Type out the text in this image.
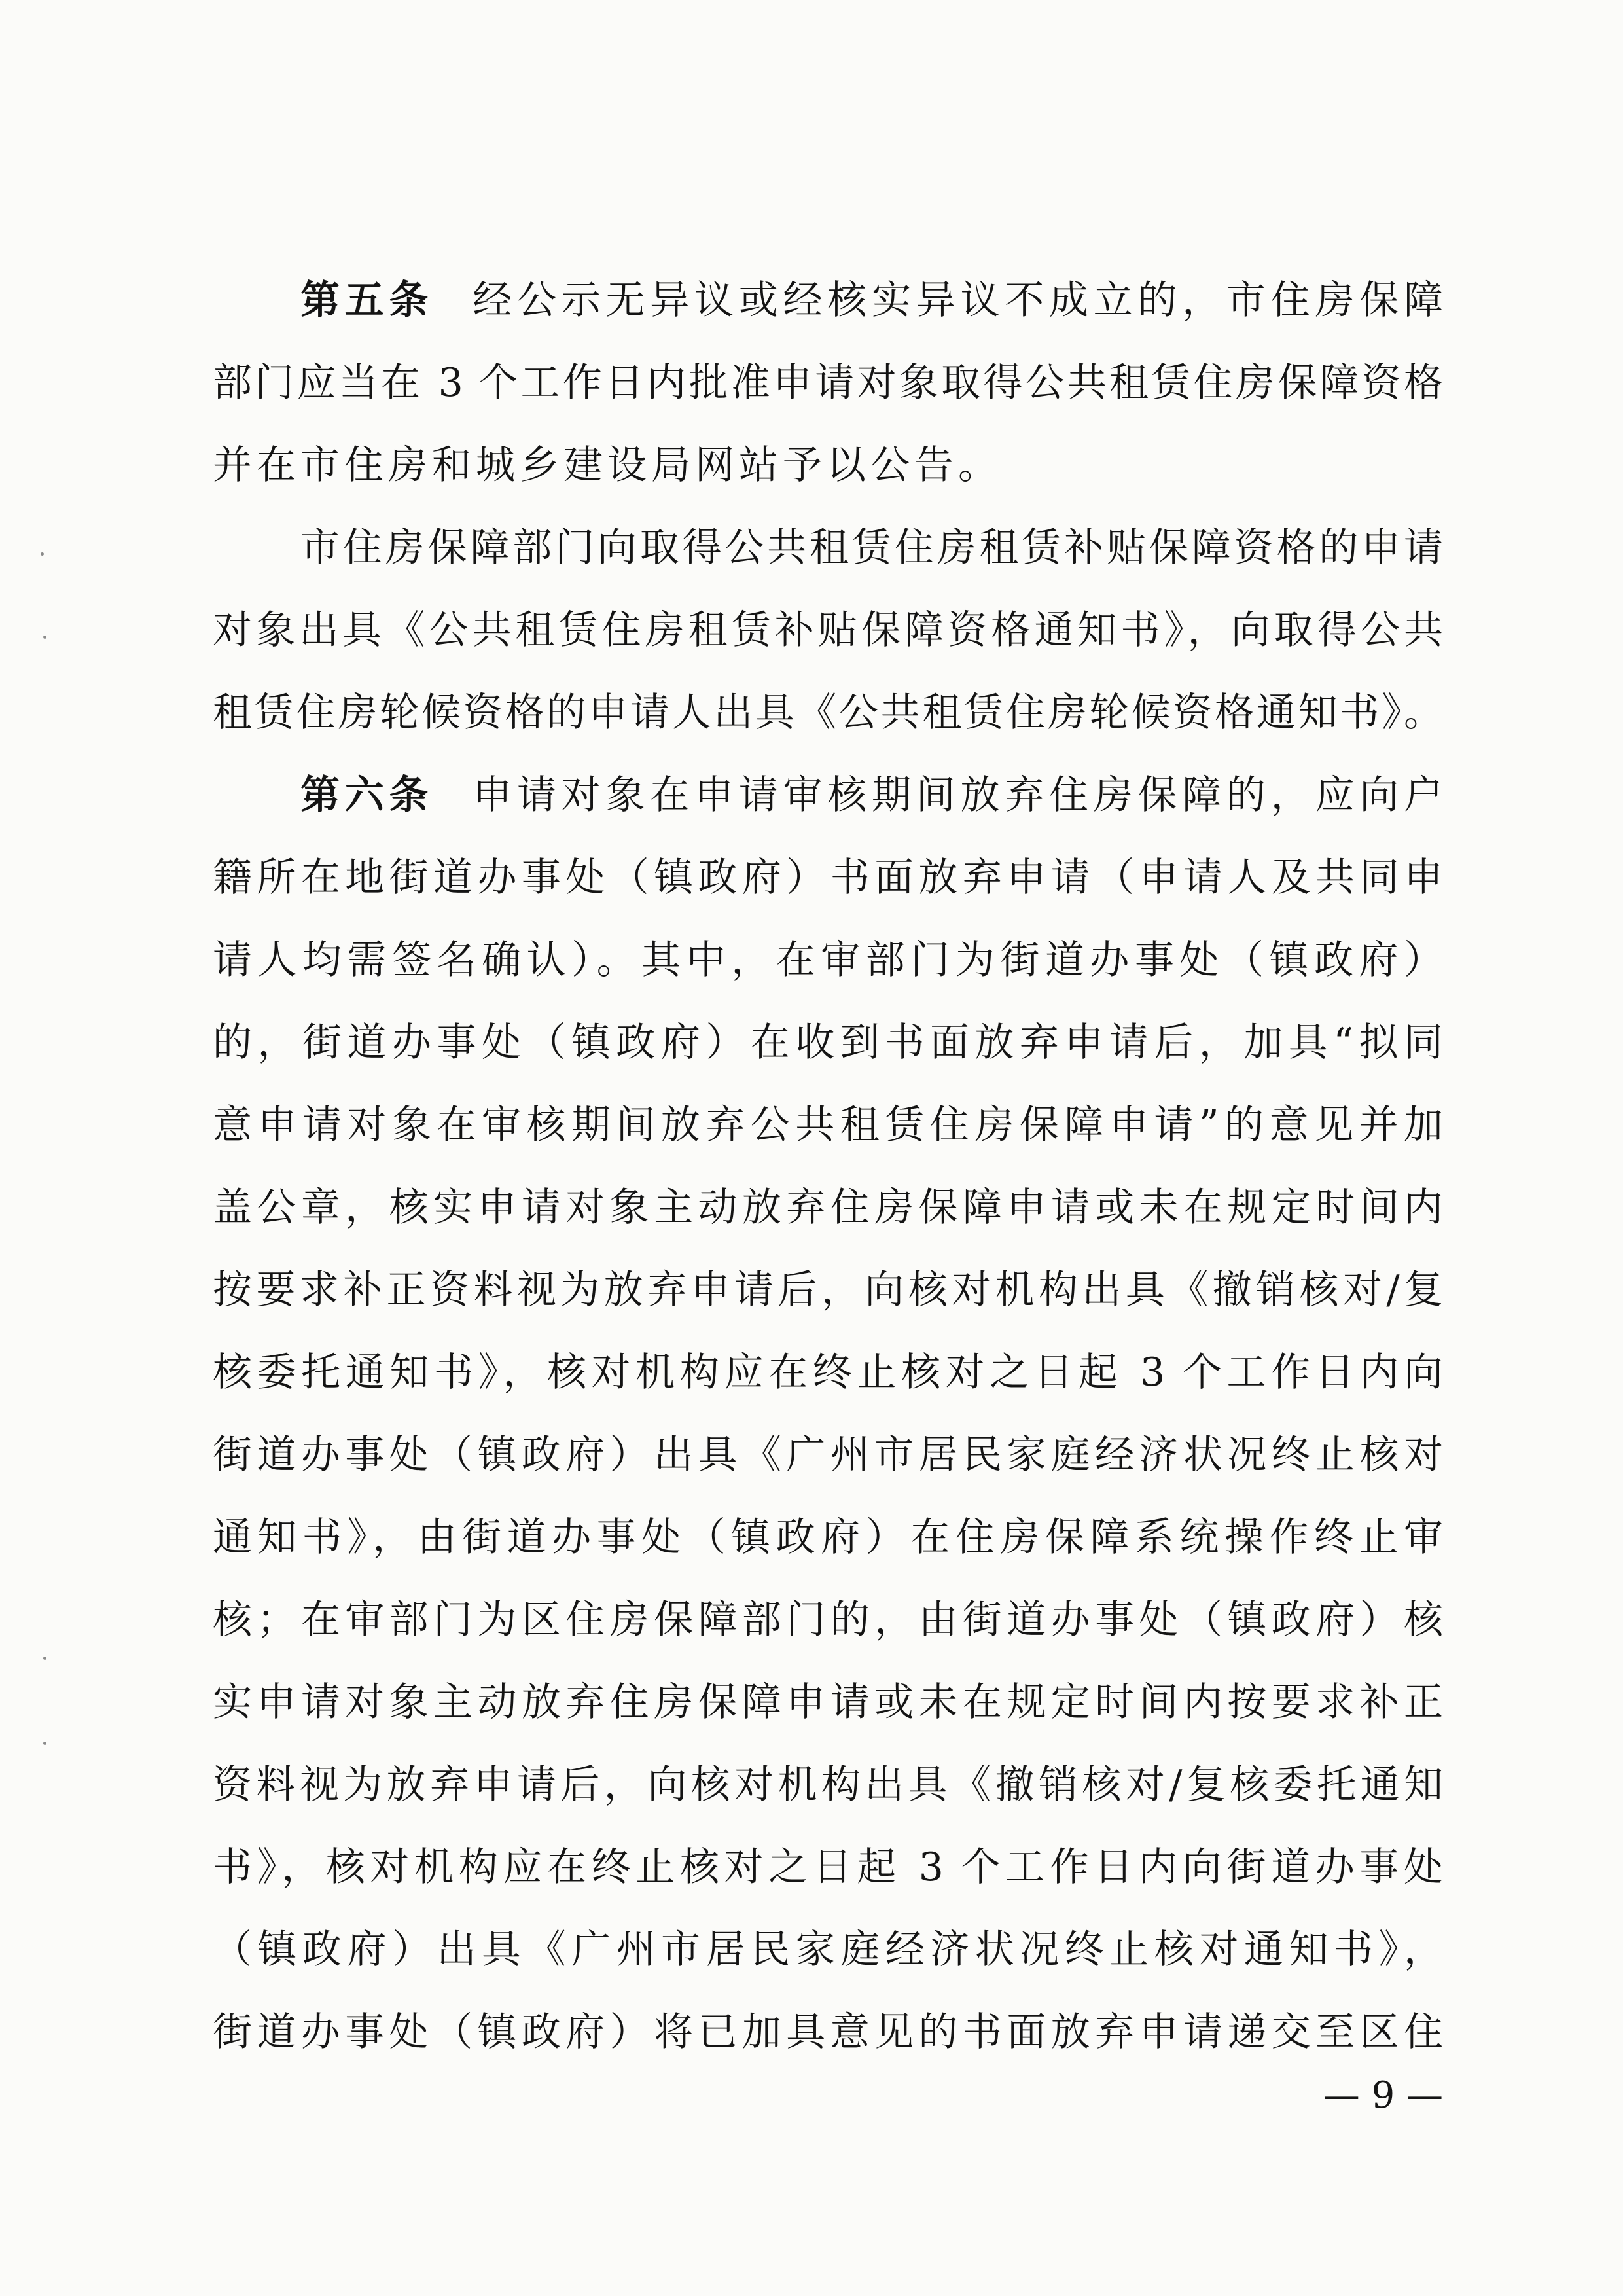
第五条 经公示无异议或经核实异议不成立的，市住房保障
部门应当在 3 个工作日内批准申请对象取得公共租赁住房保障资格
并在市住房和城乡建设局网站予以公告。
市住房保障部门向取得公共租赁住房租赁补贴保障资格的申请
对象出具《公共租赁住房租赁补贴保障资格通知书》，向取得公共
租赁住房轮候资格的申请人出具《公共租赁住房轮候资格通知书》。
第六条 申请对象在申请审核期间放弃住房保障的，应向户
籍所在地街道办事处（镇政府）书面放弃申请（申请人及共同申
请人均需签名确认）。其中，在审部门为街道办事处（镇政府）
的，街道办事处（镇政府）在收到书面放弃申请后，加具“拟同
意申请对象在审核期间放弃公共租赁住房保障申请”的意见并加
盖公章，核实申请对象主动放弃住房保障申请或未在规定时间内
按要求补正资料视为放弃申请后，向核对机构出具《撤销核对/复
核委托通知书》，核对机构应在终止核对之日起 3 个工作日内向
街道办事处（镇政府）出具《广州市居民家庭经济状况终止核对
通知书》，由街道办事处（镇政府）在住房保障系统操作终止审
核；在审部门为区住房保障部门的，由街道办事处（镇政府）核
实申请对象主动放弃住房保障申请或未在规定时间内按要求补正
资料视为放弃申请后，向核对机构出具《撤销核对/复核委托通知
书》，核对机构应在终止核对之日起 3 个工作日内向街道办事处
（镇政府）出具《广州市居民家庭经济状况终止核对通知书》，
街道办事处（镇政府）将已加具意见的书面放弃申请递交至区住
— 9 —
